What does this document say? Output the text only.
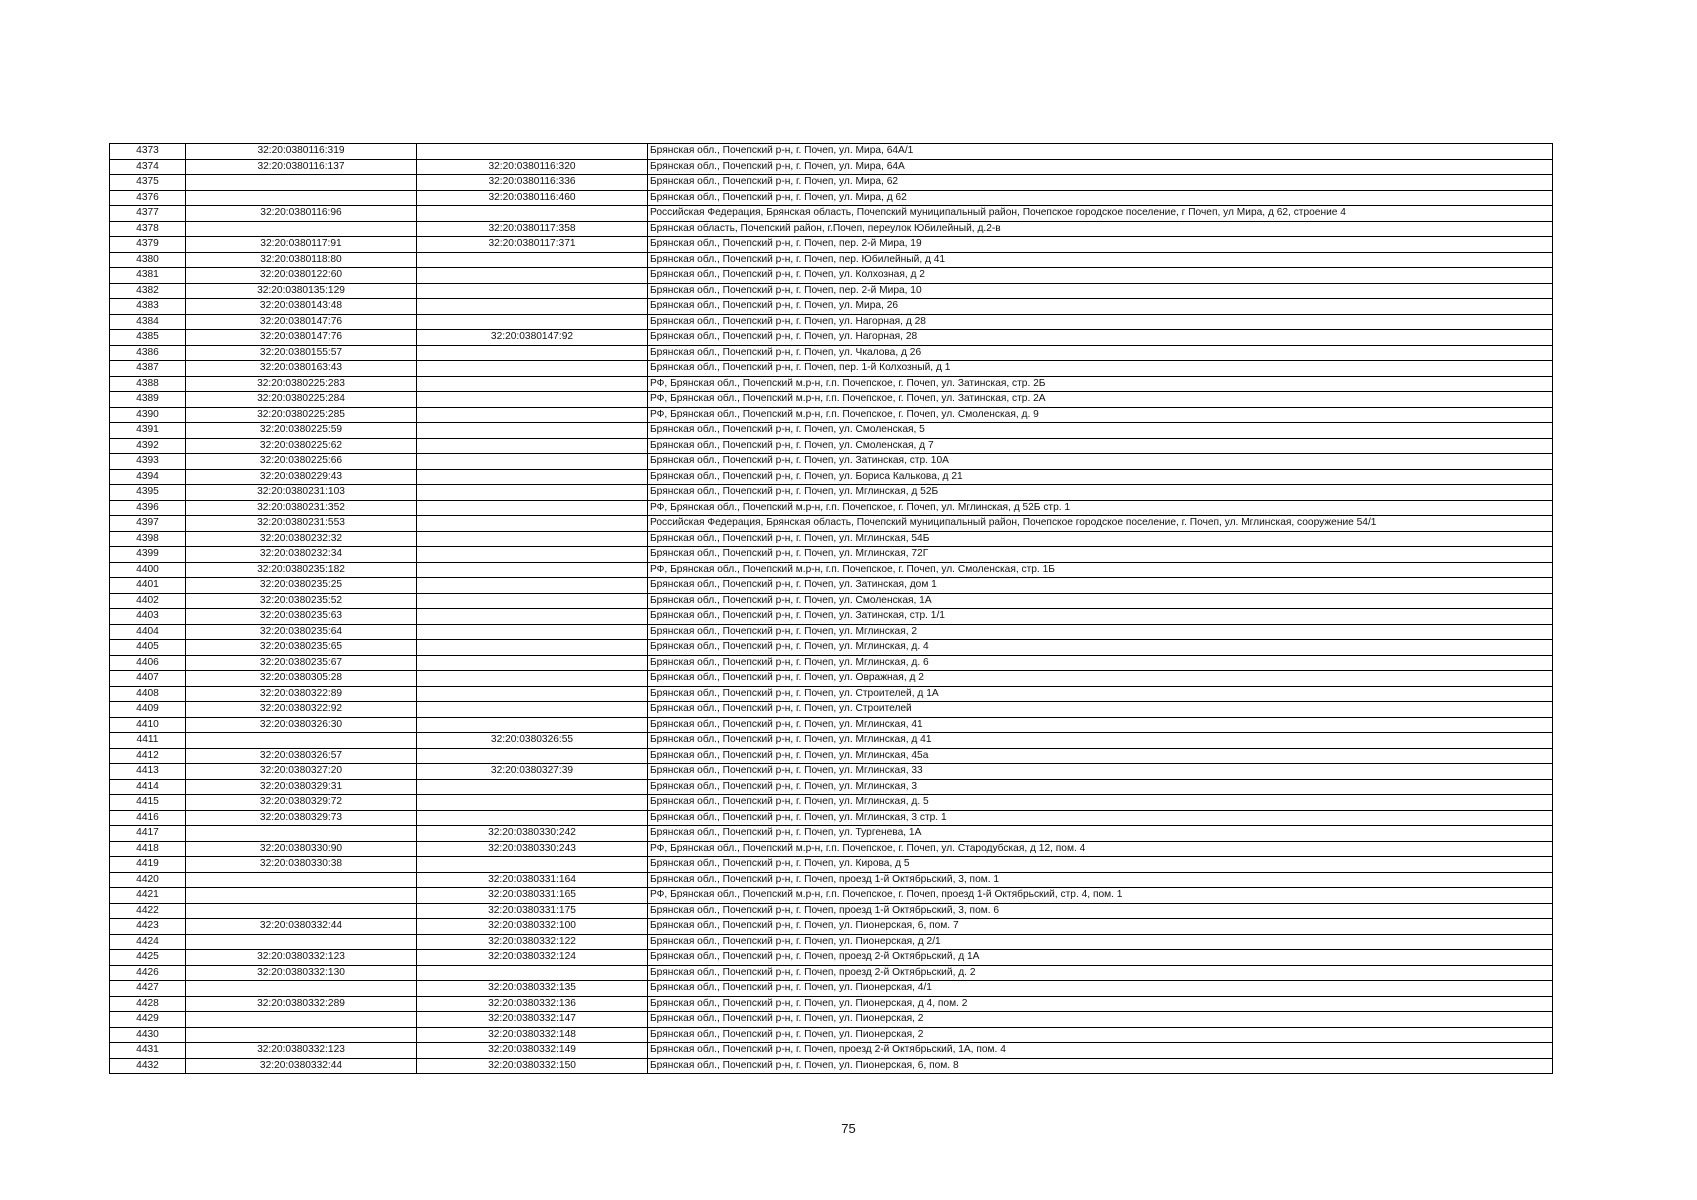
4373	32:20:0380116:319		Брянская обл., Почепский р-н, г. Почеп, ул. Мира, 64А/1
4374	32:20:0380116:137	32:20:0380116:320	Брянская обл., Почепский р-н, г. Почеп, ул. Мира, 64А
4375		32:20:0380116:336	Брянская обл., Почепский р-н, г. Почеп, ул. Мира, 62
4376		32:20:0380116:460	Брянская обл., Почепский р-н, г. Почеп, ул. Мира, д 62
4377	32:20:0380116:96		Российская Федерация, Брянская область, Почепский муниципальный район, Почепское городское поселение, г Почеп, ул Мира, д 62, строение 4
4378		32:20:0380117:358	Брянская область, Почепский район, г.Почеп, переулок Юбилейный, д.2-в
4379	32:20:0380117:91	32:20:0380117:371	Брянская обл., Почепский р-н, г. Почеп, пер. 2-й Мира, 19
4380	32:20:0380118:80		Брянская обл., Почепский р-н, г. Почеп, пер. Юбилейный, д 41
4381	32:20:0380122:60		Брянская обл., Почепский р-н, г. Почеп, ул. Колхозная, д 2
4382	32:20:0380135:129		Брянская обл., Почепский р-н, г. Почеп, пер. 2-й Мира, 10
4383	32:20:0380143:48		Брянская обл., Почепский р-н, г. Почеп, ул. Мира, 26
4384	32:20:0380147:76		Брянская обл., Почепский р-н, г. Почеп, ул. Нагорная, д 28
4385	32:20:0380147:76	32:20:0380147:92	Брянская обл., Почепский р-н, г. Почеп, ул. Нагорная, 28
4386	32:20:0380155:57		Брянская обл., Почепский р-н, г. Почеп, ул. Чкалова, д 26
4387	32:20:0380163:43		Брянская обл., Почепский р-н, г. Почеп, пер. 1-й Колхозный, д 1
4388	32:20:0380225:283		РФ, Брянская обл., Почепский м.р-н, г.п. Почепское, г. Почеп, ул. Затинская, стр. 2Б
4389	32:20:0380225:284		РФ, Брянская обл., Почепский м.р-н, г.п. Почепское, г. Почеп, ул. Затинская, стр. 2А
4390	32:20:0380225:285		РФ, Брянская обл., Почепский м.р-н, г.п. Почепское, г. Почеп, ул. Смоленская, д. 9
4391	32:20:0380225:59		Брянская обл., Почепский р-н, г. Почеп, ул. Смоленская, 5
4392	32:20:0380225:62		Брянская обл., Почепский р-н, г. Почеп, ул. Смоленская, д 7
4393	32:20:0380225:66		Брянская обл., Почепский р-н, г. Почеп, ул. Затинская, стр. 10А
4394	32:20:0380229:43		Брянская обл., Почепский р-н, г. Почеп, ул. Бориса Калькова, д 21
4395	32:20:0380231:103		Брянская обл., Почепский р-н, г. Почеп, ул. Мглинская, д 52Б
4396	32:20:0380231:352		РФ, Брянская обл., Почепский м.р-н, г.п. Почепское, г. Почеп, ул. Мглинская, д 52Б стр. 1
4397	32:20:0380231:553		Российская Федерация, Брянская область, Почепский муниципальный район, Почепское городское поселение, г. Почеп, ул. Мглинская, сооружение 54/1
4398	32:20:0380232:32		Брянская обл., Почепский р-н, г. Почеп, ул. Мглинская, 54Б
4399	32:20:0380232:34		Брянская обл., Почепский р-н, г. Почеп, ул. Мглинская, 72Г
4400	32:20:0380235:182		РФ, Брянская обл., Почепский м.р-н, г.п. Почепское, г. Почеп, ул. Смоленская, стр. 1Б
4401	32:20:0380235:25		Брянская обл., Почепский р-н, г. Почеп, ул. Затинская, дом 1
4402	32:20:0380235:52		Брянская обл., Почепский р-н, г. Почеп, ул. Смоленская, 1А
4403	32:20:0380235:63		Брянская обл., Почепский р-н, г. Почеп, ул. Затинская, стр. 1/1
4404	32:20:0380235:64		Брянская обл., Почепский р-н, г. Почеп, ул. Мглинская, 2
4405	32:20:0380235:65		Брянская обл., Почепский р-н, г. Почеп, ул. Мглинская, д. 4
4406	32:20:0380235:67		Брянская обл., Почепский р-н, г. Почеп, ул. Мглинская, д. 6
4407	32:20:0380305:28		Брянская обл., Почепский р-н, г. Почеп, ул. Овражная, д 2
4408	32:20:0380322:89		Брянская обл., Почепский р-н, г. Почеп, ул. Строителей, д 1А
4409	32:20:0380322:92		Брянская обл., Почепский р-н, г. Почеп, ул. Строителей
4410	32:20:0380326:30		Брянская обл., Почепский р-н, г. Почеп, ул. Мглинская, 41
4411		32:20:0380326:55	Брянская обл., Почепский р-н, г. Почеп, ул. Мглинская, д 41
4412	32:20:0380326:57		Брянская обл., Почепский р-н, г. Почеп, ул. Мглинская, 45а
4413	32:20:0380327:20	32:20:0380327:39	Брянская обл., Почепский р-н, г. Почеп, ул. Мглинская, 33
4414	32:20:0380329:31		Брянская обл., Почепский р-н, г. Почеп, ул. Мглинская, 3
4415	32:20:0380329:72		Брянская обл., Почепский р-н, г. Почеп, ул. Мглинская, д. 5
4416	32:20:0380329:73		Брянская обл., Почепский р-н, г. Почеп, ул. Мглинская, 3 стр. 1
4417		32:20:0380330:242	Брянская обл., Почепский р-н, г. Почеп, ул. Тургенева, 1А
4418	32:20:0380330:90	32:20:0380330:243	РФ, Брянская обл., Почепский м.р-н, г.п. Почепское, г. Почеп, ул. Стародубская, д 12, пом. 4
4419	32:20:0380330:38		Брянская обл., Почепский р-н, г. Почеп, ул. Кирова, д 5
4420		32:20:0380331:164	Брянская обл., Почепский р-н, г. Почеп, проезд 1-й Октябрьский, 3, пом. 1
4421		32:20:0380331:165	РФ, Брянская обл., Почепский м.р-н, г.п. Почепское, г. Почеп, проезд 1-й Октябрьский, стр. 4, пом. 1
4422		32:20:0380331:175	Брянская обл., Почепский р-н, г. Почеп, проезд 1-й Октябрьский, 3, пом. 6
4423	32:20:0380332:44	32:20:0380332:100	Брянская обл., Почепский р-н, г. Почеп, ул. Пионерская, 6, пом. 7
4424		32:20:0380332:122	Брянская обл., Почепский р-н, г. Почеп, ул. Пионерская, д 2/1
4425	32:20:0380332:123	32:20:0380332:124	Брянская обл., Почепский р-н, г. Почеп, проезд 2-й Октябрьский, д 1А
4426	32:20:0380332:130		Брянская обл., Почепский р-н, г. Почеп, проезд 2-й Октябрьский, д. 2
4427		32:20:0380332:135	Брянская обл., Почепский р-н, г. Почеп, ул. Пионерская, 4/1
4428	32:20:0380332:289	32:20:0380332:136	Брянская обл., Почепский р-н, г. Почеп, ул. Пионерская, д 4, пом. 2
4429		32:20:0380332:147	Брянская обл., Почепский р-н, г. Почеп, ул. Пионерская, 2
4430		32:20:0380332:148	Брянская обл., Почепский р-н, г. Почеп, ул. Пионерская, 2
4431	32:20:0380332:123	32:20:0380332:149	Брянская обл., Почепский р-н, г. Почеп, проезд 2-й Октябрьский, 1А, пом. 4
4432	32:20:0380332:44	32:20:0380332:150	Брянская обл., Почепский р-н, г. Почеп, ул. Пионерская, 6, пом. 8
75
